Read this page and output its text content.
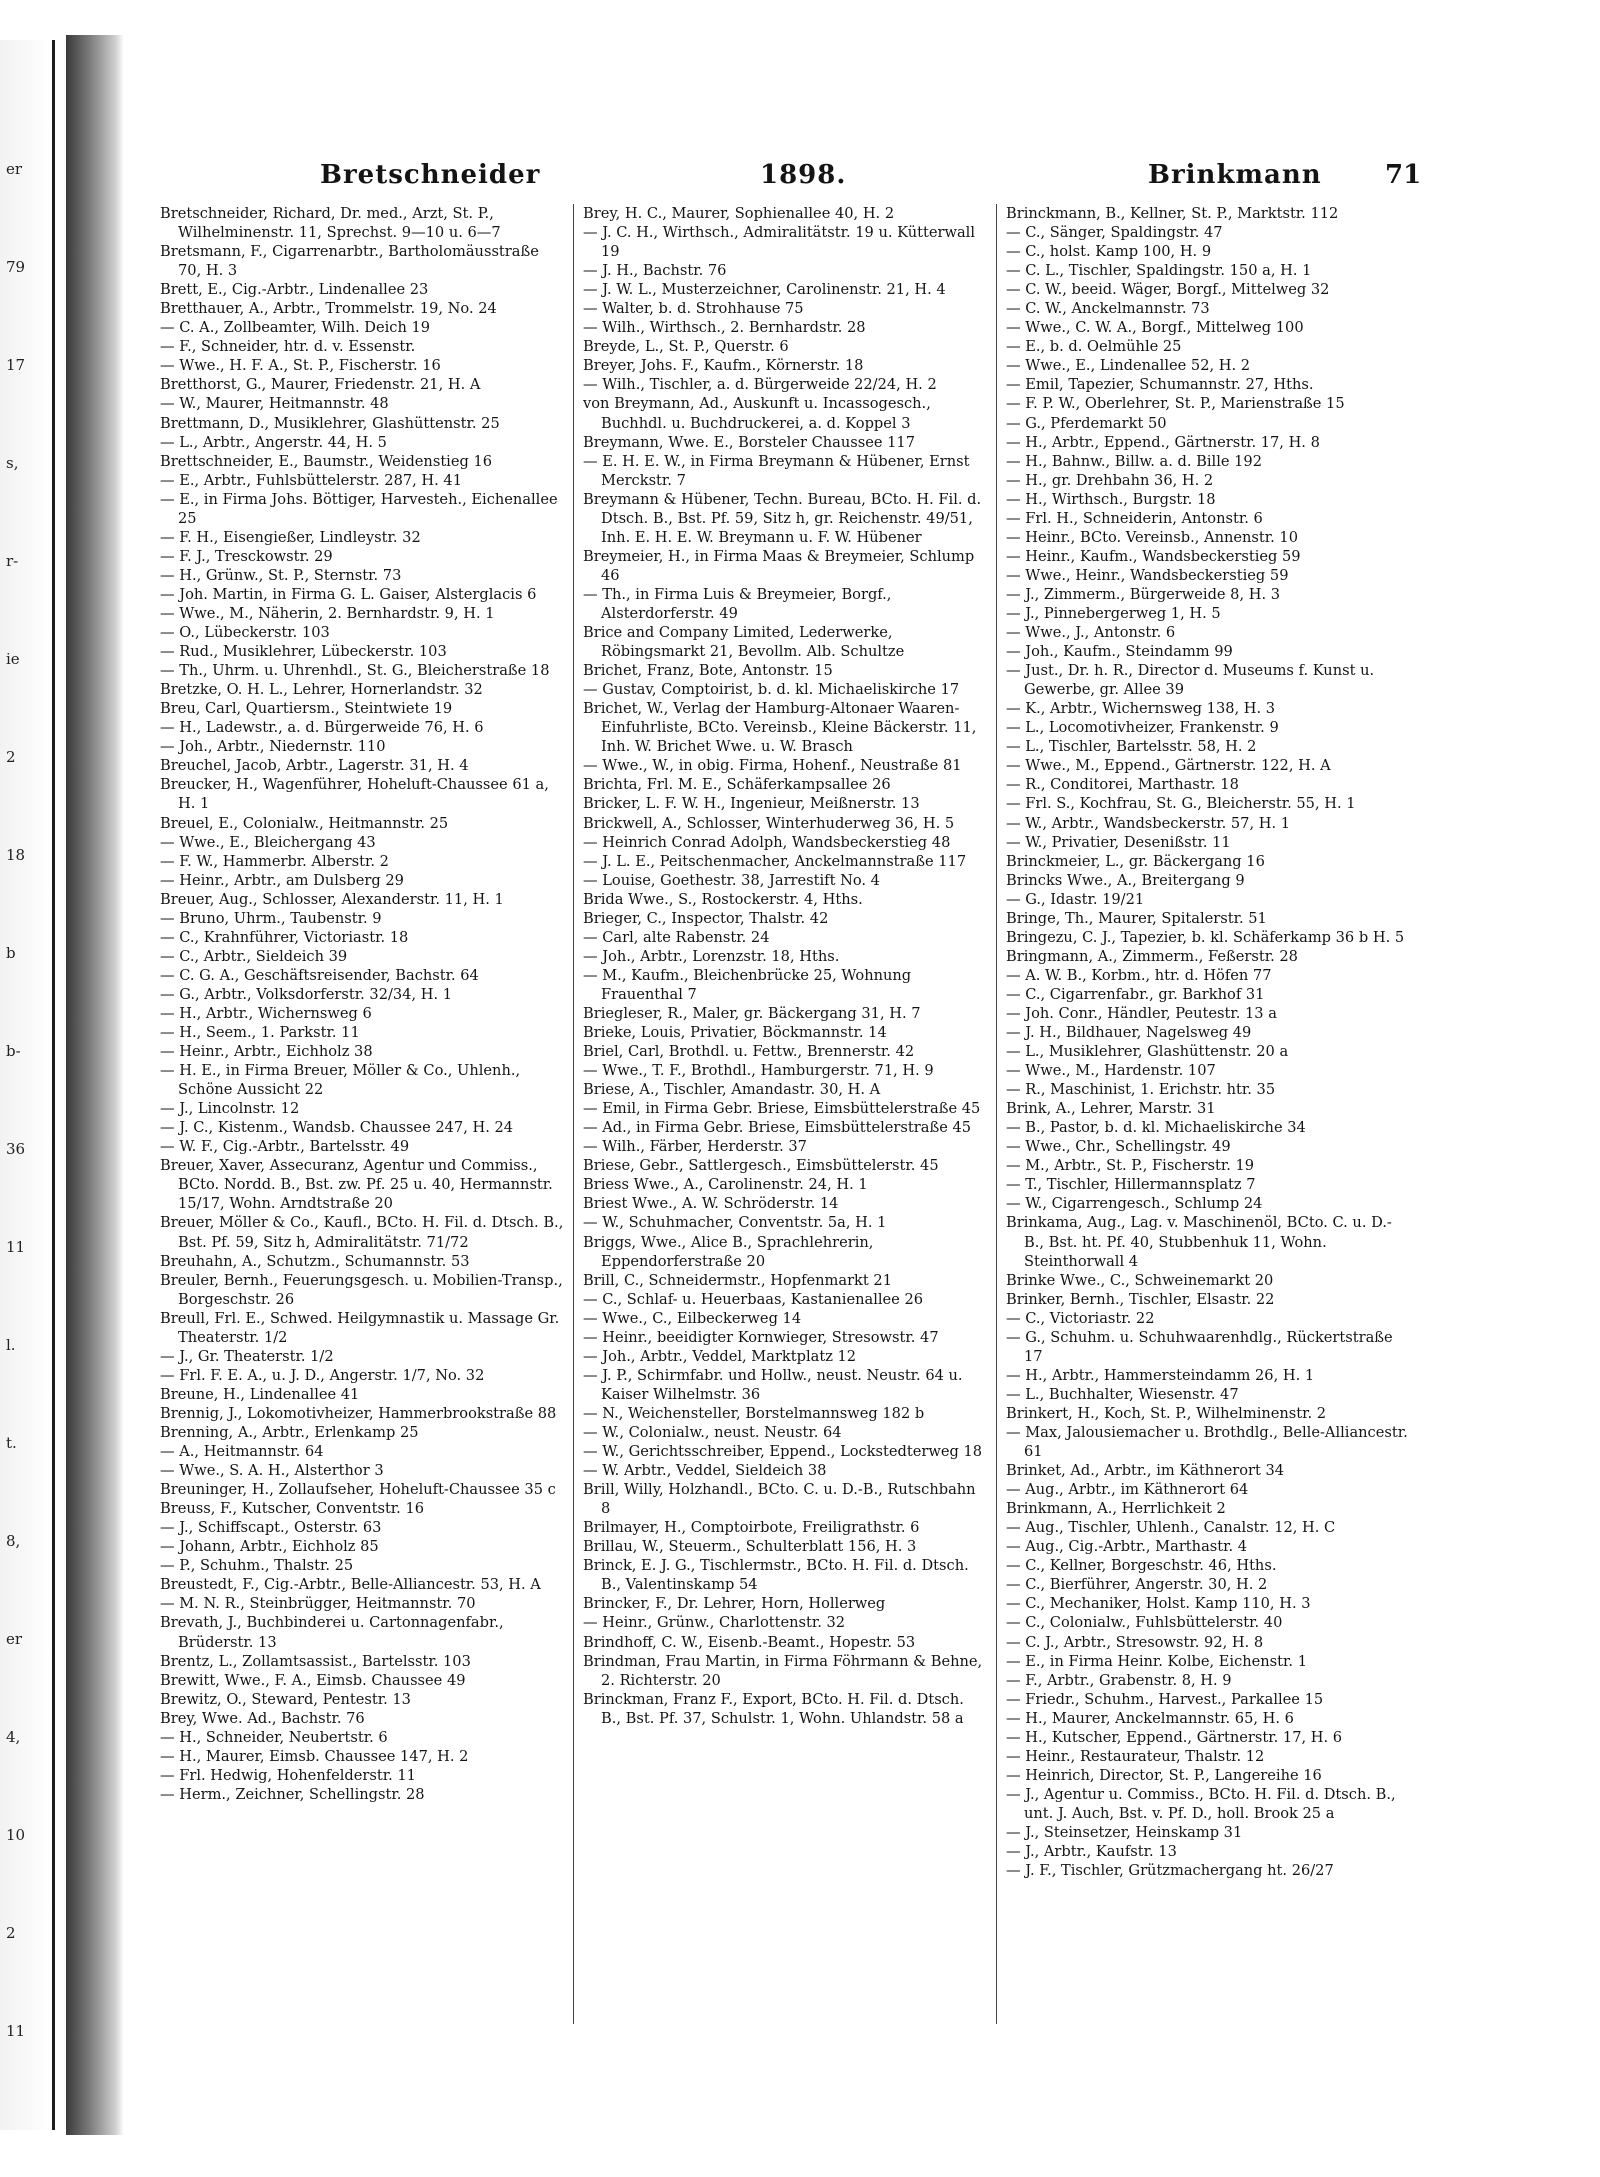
er
79
17
s,
r-
ie
2
18
b
b-
36
11
l.
t.
8,
er
4,
10
2
11
Bretschneider	1898.	Brinkmann 71

Bretschneider, Richard, Dr. med., Arzt, St. P., Wilhelminenstr. 11, Sprechst. 9—10 u. 6—7

Bretsmann, F., Cigarrenarbtr., Bartholomäusstraße 70, H. 3

Brett, E., Cig.-Arbtr., Lindenallee 23

Bretthauer, A., Arbtr., Trommelstr. 19, No. 24

— C. A., Zollbeamter, Wilh. Deich 19

— F., Schneider, htr. d. v. Essenstr.

— Wwe., H. F. A., St. P., Fischerstr. 16

Bretthorst, G., Maurer, Friedenstr. 21, H. A

— W., Maurer, Heitmannstr. 48

Brettmann, D., Musiklehrer, Glashüttenstr. 25

— L., Arbtr., Angerstr. 44, H. 5

Brettschneider, E., Baumstr., Weidenstieg 16

— E., Arbtr., Fuhlsbüttelerstr. 287, H. 41

— E., in Firma Johs. Böttiger, Harvesteh., Eichenallee 25

— F. H., Eisengießer, Lindleystr. 32

— F. J., Tresckowstr. 29

— H., Grünw., St. P., Sternstr. 73

— Joh. Martin, in Firma G. L. Gaiser, Alsterglacis 6

— Wwe., M., Näherin, 2. Bernhardstr. 9, H. 1

— O., Lübeckerstr. 103

— Rud., Musiklehrer, Lübeckerstr. 103

— Th., Uhrm. u. Uhrenhdl., St. G., Bleicherstraße 18

Bretzke, O. H. L., Lehrer, Hornerlandstr. 32

Breu, Carl, Quartiersm., Steintwiete 19

— H., Ladewstr., a. d. Bürgerweide 76, H. 6

— Joh., Arbtr., Niedernstr. 110

Breuchel, Jacob, Arbtr., Lagerstr. 31, H. 4

Breucker, H., Wagenführer, Hoheluft-Chaussee 61 a, H. 1

Breuel, E., Colonialw., Heitmannstr. 25

— Wwe., E., Bleichergang 43

— F. W., Hammerbr. Alberstr. 2

— Heinr., Arbtr., am Dulsberg 29

Breuer, Aug., Schlosser, Alexanderstr. 11, H. 1

— Bruno, Uhrm., Taubenstr. 9

— C., Krahnführer, Victoriastr. 18

— C., Arbtr., Sieldeich 39

— C. G. A., Geschäftsreisender, Bachstr. 64

— G., Arbtr., Volksdorferstr. 32/34, H. 1

— H., Arbtr., Wichernsweg 6

— H., Seem., 1. Parkstr. 11

— Heinr., Arbtr., Eichholz 38

— H. E., in Firma Breuer, Möller & Co., Uhlenh., Schöne Aussicht 22

— J., Lincolnstr. 12

— J. C., Kistenm., Wandsb. Chaussee 247, H. 24

— W. F., Cig.-Arbtr., Bartelsstr. 49

Breuer, Xaver, Assecuranz, Agentur und Commiss., BCto. Nordd. B., Bst. zw. Pf. 25 u. 40, Hermannstr. 15/17, Wohn. Arndtstraße 20

Breuer, Möller & Co., Kaufl., BCto. H. Fil. d. Dtsch. B., Bst. Pf. 59, Sitz h, Admiralitätstr. 71/72

Breuhahn, A., Schutzm., Schumannstr. 53

Breuler, Bernh., Feuerungsgesch. u. Mobilien-Transp., Borgeschstr. 26

Breull, Frl. E., Schwed. Heilgymnastik u. Massage Gr. Theaterstr. 1/2

— J., Gr. Theaterstr. 1/2

— Frl. F. E. A., u. J. D., Angerstr. 1/7, No. 32

Breune, H., Lindenallee 41

Brennig, J., Lokomotivheizer, Hammerbrookstraße 88

Brenning, A., Arbtr., Erlenkamp 25

— A., Heitmannstr. 64

— Wwe., S. A. H., Alsterthor 3

Breuninger, H., Zollaufseher, Hoheluft-Chaussee 35 c

Breuss, F., Kutscher, Conventstr. 16

— J., Schiffscapt., Osterstr. 63

— Johann, Arbtr., Eichholz 85

— P., Schuhm., Thalstr. 25

Breustedt, F., Cig.-Arbtr., Belle-Alliancestr. 53, H. A

— M. N. R., Steinbrügger, Heitmannstr. 70

Brevath, J., Buchbinderei u. Cartonnagenfabr., Brüderstr. 13

Brentz, L., Zollamtsassist., Bartelsstr. 103

Brewitt, Wwe., F. A., Eimsb. Chaussee 49

Brewitz, O., Steward, Pentestr. 13

Brey, Wwe. Ad., Bachstr. 76

— H., Schneider, Neubertstr. 6

— H., Maurer, Eimsb. Chaussee 147, H. 2

— Frl. Hedwig, Hohenfelderstr. 11

— Herm., Zeichner, Schellingstr. 28

Brey, H. C., Maurer, Sophienallee 40, H. 2

— J. C. H., Wirthsch., Admiralitätstr. 19 u. Kütterwall 19

— J. H., Bachstr. 76

— J. W. L., Musterzeichner, Carolinenstr. 21, H. 4

— Walter, b. d. Strohhause 75

— Wilh., Wirthsch., 2. Bernhardstr. 28

Breyde, L., St. P., Querstr. 6

Breyer, Johs. F., Kaufm., Körnerstr. 18

— Wilh., Tischler, a. d. Bürgerweide 22/24, H. 2

von Breymann, Ad., Auskunft u. Incassogesch., Buchhdl. u. Buchdruckerei, a. d. Koppel 3

Breymann, Wwe. E., Borsteler Chaussee 117

— E. H. E. W., in Firma Breymann & Hübener, Ernst Merckstr. 7

Breymann & Hübener, Techn. Bureau, BCto. H. Fil. d. Dtsch. B., Bst. Pf. 59, Sitz h, gr. Reichenstr. 49/51, Inh. E. H. E. W. Breymann u. F. W. Hübener

Breymeier, H., in Firma Maas & Breymeier, Schlump 46

— Th., in Firma Luis & Breymeier, Borgf., Alsterdorferstr. 49

Brice and Company Limited, Lederwerke, Röbingsmarkt 21, Bevollm. Alb. Schultze

Brichet, Franz, Bote, Antonstr. 15

— Gustav, Comptoirist, b. d. kl. Michaeliskirche 17

Brichet, W., Verlag der Hamburg-Altonaer Waaren-Einfuhrliste, BCto. Vereinsb., Kleine Bäckerstr. 11, Inh. W. Brichet Wwe. u. W. Brasch

— Wwe., W., in obig. Firma, Hohenf., Neustraße 81

Brichta, Frl. M. E., Schäferkampsallee 26

Bricker, L. F. W. H., Ingenieur, Meißnerstr. 13

Brickwell, A., Schlosser, Winterhuderweg 36, H. 5

— Heinrich Conrad Adolph, Wandsbeckerstieg 48

— J. L. E., Peitschenmacher, Anckelmannstraße 117

— Louise, Goethestr. 38, Jarrestift No. 4

Brida Wwe., S., Rostockerstr. 4, Hths.

Brieger, C., Inspector, Thalstr. 42

— Carl, alte Rabenstr. 24

— Joh., Arbtr., Lorenzstr. 18, Hths.

— M., Kaufm., Bleichenbrücke 25, Wohnung Frauenthal 7

Briegleser, R., Maler, gr. Bäckergang 31, H. 7

Brieke, Louis, Privatier, Böckmannstr. 14

Briel, Carl, Brothdl. u. Fettw., Brennerstr. 42

— Wwe., T. F., Brothdl., Hamburgerstr. 71, H. 9

Briese, A., Tischler, Amandastr. 30, H. A

— Emil, in Firma Gebr. Briese, Eimsbüttelerstraße 45

— Ad., in Firma Gebr. Briese, Eimsbüttelerstraße 45

— Wilh., Färber, Herderstr. 37

Briese, Gebr., Sattlergesch., Eimsbüttelerstr. 45

Briess Wwe., A., Carolinenstr. 24, H. 1

Briest Wwe., A. W. Schröderstr. 14

— W., Schuhmacher, Conventstr. 5a, H. 1

Briggs, Wwe., Alice B., Sprachlehrerin, Eppendorferstraße 20

Brill, C., Schneidermstr., Hopfenmarkt 21

— C., Schlaf- u. Heuerbaas, Kastanienallee 26

— Wwe., C., Eilbeckerweg 14

— Heinr., beeidigter Kornwieger, Stresowstr. 47

— Joh., Arbtr., Veddel, Marktplatz 12

— J. P., Schirmfabr. und Hollw., neust. Neustr. 64 u. Kaiser Wilhelmstr. 36

— N., Weichensteller, Borstelmannsweg 182 b

— W., Colonialw., neust. Neustr. 64

— W., Gerichtsschreiber, Eppend., Lockstedterweg 18

— W. Arbtr., Veddel, Sieldeich 38

Brill, Willy, Holzhandl., BCto. C. u. D.-B., Rutschbahn 8

Brilmayer, H., Comptoirbote, Freiligrathstr. 6

Brillau, W., Steuerm., Schulterblatt 156, H. 3

Brinck, E. J. G., Tischlermstr., BCto. H. Fil. d. Dtsch. B., Valentinskamp 54

Brincker, F., Dr. Lehrer, Horn, Hollerweg

— Heinr., Grünw., Charlottenstr. 32

Brindhoff, C. W., Eisenb.-Beamt., Hopestr. 53

Brindman, Frau Martin, in Firma Föhrmann & Behne, 2. Richterstr. 20

Brinckman, Franz F., Export, BCto. H. Fil. d. Dtsch. B., Bst. Pf. 37, Schulstr. 1, Wohn. Uhlandstr. 58 a

Brinckmann, B., Kellner, St. P., Marktstr. 112

— C., Sänger, Spaldingstr. 47

— C., holst. Kamp 100, H. 9

— C. L., Tischler, Spaldingstr. 150 a, H. 1

— C. W., beeid. Wäger, Borgf., Mittelweg 32

— C. W., Anckelmannstr. 73

— Wwe., C. W. A., Borgf., Mittelweg 100

— E., b. d. Oelmühle 25

— Wwe., E., Lindenallee 52, H. 2

— Emil, Tapezier, Schumannstr. 27, Hths.

— F. P. W., Oberlehrer, St. P., Marienstraße 15

— G., Pferdemarkt 50

— H., Arbtr., Eppend., Gärtnerstr. 17, H. 8

— H., Bahnw., Billw. a. d. Bille 192

— H., gr. Drehbahn 36, H. 2

— H., Wirthsch., Burgstr. 18

— Frl. H., Schneiderin, Antonstr. 6

— Heinr., BCto. Vereinsb., Annenstr. 10

— Heinr., Kaufm., Wandsbeckerstieg 59

— Wwe., Heinr., Wandsbeckerstieg 59

— J., Zimmerm., Bürgerweide 8, H. 3

— J., Pinnebergerweg 1, H. 5

— Wwe., J., Antonstr. 6

— Joh., Kaufm., Steindamm 99

— Just., Dr. h. R., Director d. Museums f. Kunst u. Gewerbe, gr. Allee 39

— K., Arbtr., Wichernsweg 138, H. 3

— L., Locomotivheizer, Frankenstr. 9

— L., Tischler, Bartelsstr. 58, H. 2

— Wwe., M., Eppend., Gärtnerstr. 122, H. A

— R., Conditorei, Marthastr. 18

— Frl. S., Kochfrau, St. G., Bleicherstr. 55, H. 1

— W., Arbtr., Wandsbeckerstr. 57, H. 1

— W., Privatier, Desenißstr. 11

Brinckmeier, L., gr. Bäckergang 16

Brincks Wwe., A., Breitergang 9

— G., Idastr. 19/21

Bringe, Th., Maurer, Spitalerstr. 51

Bringezu, C. J., Tapezier, b. kl. Schäferkamp 36 b H. 5

Bringmann, A., Zimmerm., Feßerstr. 28

— A. W. B., Korbm., htr. d. Höfen 77

— C., Cigarrenfabr., gr. Barkhof 31

— Joh. Conr., Händler, Peutestr. 13 a

— J. H., Bildhauer, Nagelsweg 49

— L., Musiklehrer, Glashüttenstr. 20 a

— Wwe., M., Hardenstr. 107

— R., Maschinist, 1. Erichstr. htr. 35

Brink, A., Lehrer, Marstr. 31

— B., Pastor, b. d. kl. Michaeliskirche 34

— Wwe., Chr., Schellingstr. 49

— M., Arbtr., St. P., Fischerstr. 19

— T., Tischler, Hillermannsplatz 7

— W., Cigarrengesch., Schlump 24

Brinkama, Aug., Lag. v. Maschinenöl, BCto. C. u. D.-B., Bst. ht. Pf. 40, Stubbenhuk 11, Wohn. Steinthorwall 4

Brinke Wwe., C., Schweinemarkt 20

Brinker, Bernh., Tischler, Elsastr. 22

— C., Victoriastr. 22

— G., Schuhm. u. Schuhwaarenhdlg., Rückertstraße 17

— H., Arbtr., Hammersteindamm 26, H. 1

— L., Buchhalter, Wiesenstr. 47

Brinkert, H., Koch, St. P., Wilhelminenstr. 2

— Max, Jalousiemacher u. Brothdlg., Belle-Alliancestr. 61

Brinket, Ad., Arbtr., im Käthnerort 34

— Aug., Arbtr., im Käthnerort 64

Brinkmann, A., Herrlichkeit 2

— Aug., Tischler, Uhlenh., Canalstr. 12, H. C

— Aug., Cig.-Arbtr., Marthastr. 4

— C., Kellner, Borgeschstr. 46, Hths.

— C., Bierführer, Angerstr. 30, H. 2

— C., Mechaniker, Holst. Kamp 110, H. 3

— C., Colonialw., Fuhlsbüttelerstr. 40

— C. J., Arbtr., Stresowstr. 92, H. 8

— E., in Firma Heinr. Kolbe, Eichenstr. 1

— F., Arbtr., Grabenstr. 8, H. 9

— Friedr., Schuhm., Harvest., Parkallee 15

— H., Maurer, Anckelmannstr. 65, H. 6

— H., Kutscher, Eppend., Gärtnerstr. 17, H. 6

— Heinr., Restaurateur, Thalstr. 12

— Heinrich, Director, St. P., Langereihe 16

— J., Agentur u. Commiss., BCto. H. Fil. d. Dtsch. B., unt. J. Auch, Bst. v. Pf. D., holl. Brook 25 a

— J., Steinsetzer, Heinskamp 31

— J., Arbtr., Kaufstr. 13

— J. F., Tischler, Grützmachergang ht. 26/27
